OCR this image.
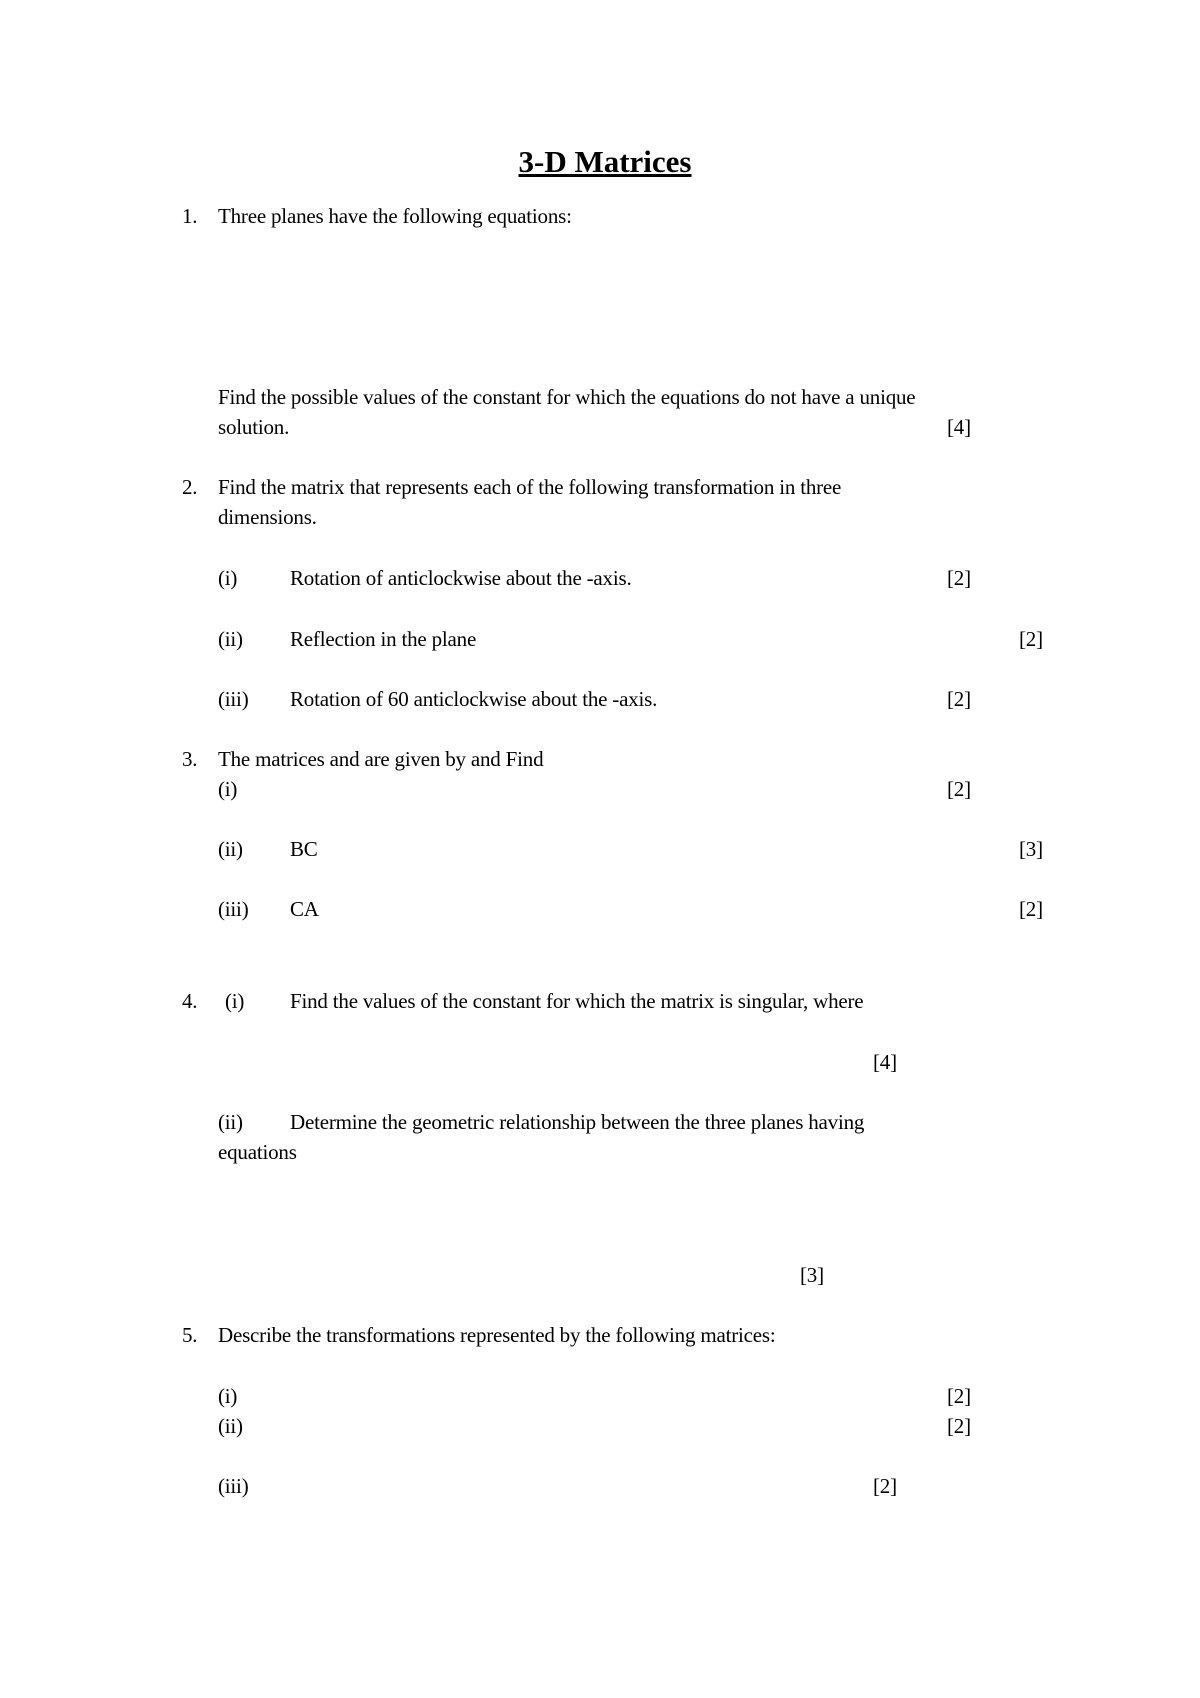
3-D Matrices
1. Three planes have the following equations:
Find the possible values of the constant for which the equations do not have a unique
solution.	[4]
2. Find the matrix that represents each of the following transformation in three
dimensions.
(i)	Rotation of anticlockwise about the -axis.	[2]
(ii) Reflection in the plane	[2]
(iii) Rotation of 60 anticlockwise about the -axis.	[2]
3. The matrices and are given by and Find
(i)	[2]
(ii) BC	[3]
(iii) CA	[2]
4. (i) Find the values of the constant for which the matrix is singular, where
[4]
(ii) Determine the geometric relationship between the three planes having
equations
[3]
5. Describe the transformations represented by the following matrices:
(i)	[2]
(ii)	[2]
(iii)	[2]
